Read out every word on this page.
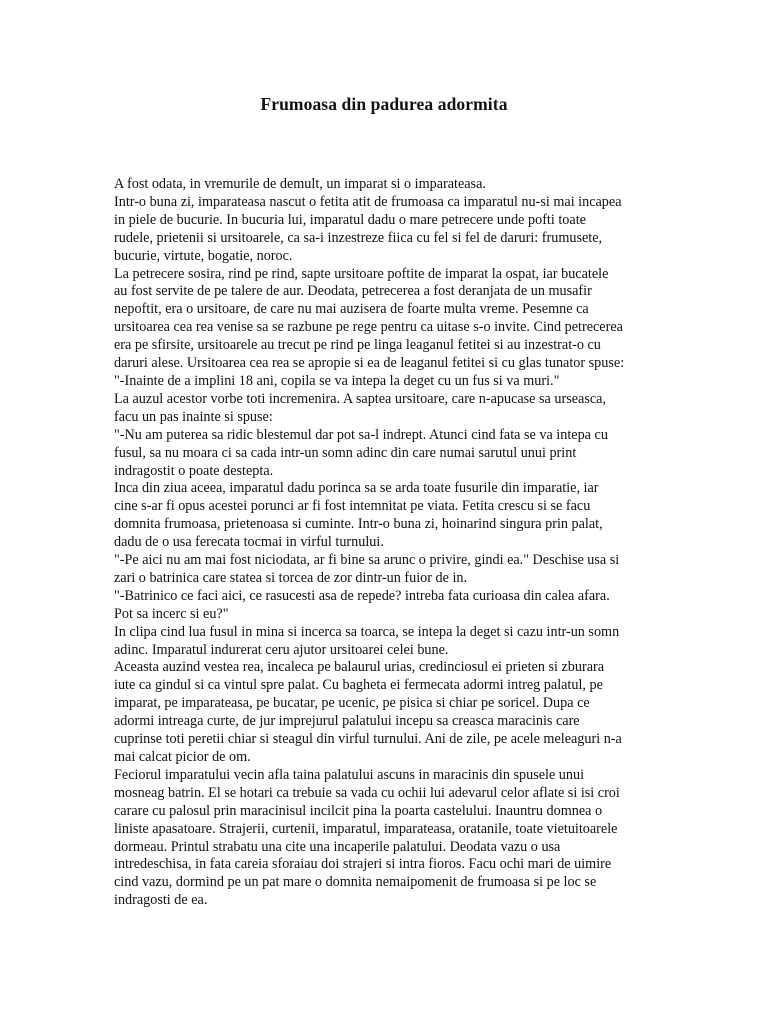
Frumoasa din padurea adormita
A fost odata, in vremurile de demult, un imparat si o imparateasa.
Intr-o buna zi, imparateasa nascut o fetita atit de frumoasa ca imparatul nu-si mai incapea
in piele de bucurie. In bucuria lui, imparatul dadu o mare petrecere unde pofti toate
rudele, prietenii si ursitoarele, ca sa-i inzestreze fiica cu fel si fel de daruri: frumusete,
bucurie, virtute, bogatie, noroc.
La petrecere sosira, rind pe rind, sapte ursitoare poftite de imparat la ospat, iar bucatele
au fost servite de pe talere de aur. Deodata, petrecerea a fost deranjata de un musafir
nepoftit, era o ursitoare, de care nu mai auzisera de foarte multa vreme. Pesemne ca
ursitoarea cea rea venise sa se razbune pe rege pentru ca uitase s-o invite. Cind petrecerea
era pe sfirsite, ursitoarele au trecut pe rind pe linga leaganul fetitei si au inzestrat-o cu
daruri alese. Ursitoarea cea rea se apropie si ea de leaganul fetitei si cu glas tunator spuse:
"-Inainte de a implini 18 ani, copila se va intepa la deget cu un fus si va muri."
La auzul acestor vorbe toti incremenira. A saptea ursitoare, care n-apucase sa urseasca,
facu un pas inainte si spuse:
"-Nu am puterea sa ridic blestemul dar pot sa-l indrept. Atunci cind fata se va intepa cu
fusul, sa nu moara ci sa cada intr-un somn adinc din care numai sarutul unui print
indragostit o poate destepta.
Inca din ziua aceea, imparatul dadu porinca sa se arda toate fusurile din imparatie, iar
cine s-ar fi opus acestei porunci ar fi fost intemnitat pe viata. Fetita crescu si se facu
domnita frumoasa, prietenoasa si cuminte. Intr-o buna zi, hoinarind singura prin palat,
dadu de o usa ferecata tocmai in virful turnului.
"-Pe aici nu am mai fost niciodata, ar fi bine sa arunc o privire, gindi ea." Deschise usa si
zari o batrinica care statea si torcea de zor dintr-un fuior de in.
"-Batrinico ce faci aici, ce rasucesti asa de repede? intreba fata curioasa din calea afara.
Pot sa incerc si eu?"
In clipa cind lua fusul in mina si incerca sa toarca, se intepa la deget si cazu intr-un somn
adinc. Imparatul indurerat ceru ajutor ursitoarei celei bune.
Aceasta auzind vestea rea, incaleca pe balaurul urias, credinciosul ei prieten si zburara
iute ca gindul si ca vintul spre palat. Cu bagheta ei fermecata adormi intreg palatul, pe
imparat, pe imparateasa, pe bucatar, pe ucenic, pe pisica si chiar pe soricel. Dupa ce
adormi intreaga curte, de jur imprejurul palatului incepu sa creasca maracinis care
cuprinse toti peretii chiar si steagul din virful turnului. Ani de zile, pe acele meleaguri n-a
mai calcat picior de om.
Feciorul imparatului vecin afla taina palatului ascuns in maracinis din spusele unui
mosneag batrin. El se hotari ca trebuie sa vada cu ochii lui adevarul celor aflate si isi croi
carare cu palosul prin maracinisul incilcit pina la poarta castelului. Inauntru domnea o
liniste apasatoare. Strajerii, curtenii, imparatul, imparateasa, oratanile, toate vietuitoarele
dormeau. Printul strabatu una cite una incaperile palatului. Deodata vazu o usa
intredeschisa, in fata careia sforaiau doi strajeri si intra fioros. Facu ochi mari de uimire
cind vazu, dormind pe un pat mare o domnita nemaipomenit de frumoasa si pe loc se
indragosti de ea.
